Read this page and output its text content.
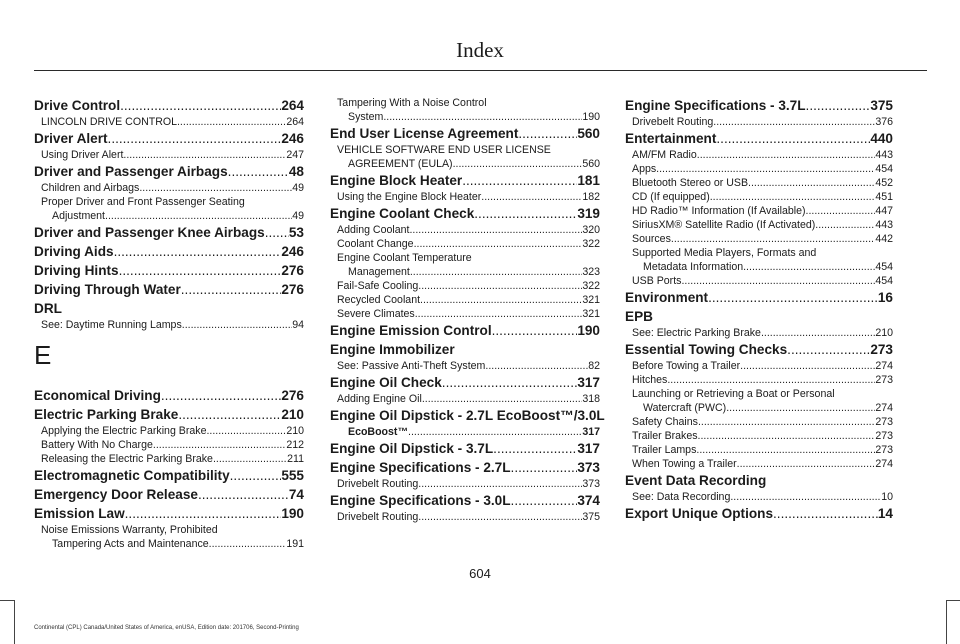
Index
Drive Control .....	264
LINCOLN DRIVE CONTROL .....	264
Driver Alert .....	246
Using Driver Alert .....	247
Driver and Passenger Airbags .....	48
Children and Airbags .....	49
Proper Driver and Front Passenger Seating
Adjustment .....	49
Driver and Passenger Knee Airbags ..... 53
Driving Aids .....	246
Driving Hints .....	276
Driving Through Water .....	276
DRL
See: Daytime Running Lamps .....	94
E
Economical Driving .....	276
Electric Parking Brake .....	210
Applying the Electric Parking Brake .....	210
Battery With No Charge .....	212
Releasing the Electric Parking Brake .....	211
Electromagnetic Compatibility .....	555
Emergency Door Release .....	74
Emission Law .....	190
Noise Emissions Warranty, Prohibited
Tampering Acts and Maintenance .....	191
Tampering With a Noise Control
System .....	190
End User License Agreement .....	560
VEHICLE SOFTWARE END USER LICENSE
AGREEMENT (EULA) .....	560
Engine Block Heater .....	181
Using the Engine Block Heater .....	182
Engine Coolant Check .....	319
Adding Coolant .....	320
Coolant Change .....	322
Engine Coolant Temperature
Management .....	323
Fail-Safe Cooling .....	322
Recycled Coolant .....	321
Severe Climates .....	321
Engine Emission Control .....	190
Engine Immobilizer
See: Passive Anti-Theft System .....	82
Engine Oil Check .....	317
Adding Engine Oil .....	318
Engine Oil Dipstick - 2.7L EcoBoost™/3.0L
EcoBoost™ .....	317
Engine Oil Dipstick - 3.7L .....	317
Engine Specifications - 2.7L .....	373
Drivebelt Routing .....	373
Engine Specifications - 3.0L .....	374
Drivebelt Routing .....	375
Engine Specifications - 3.7L .....	375
Drivebelt Routing .....	376
Entertainment .....	440
AM/FM Radio .....	443
Apps .....	454
Bluetooth Stereo or USB .....	452
CD (If equipped) .....	451
HD Radio™ Information (If Available) .....	447
SiriusXM® Satellite Radio (If Activated) .....	443
Sources .....	442
Supported Media Players, Formats and
Metadata Information .....	454
USB Ports .....	454
Environment .....	16
EPB
See: Electric Parking Brake .....	210
Essential Towing Checks .....	273
Before Towing a Trailer .....	274
Hitches .....	273
Launching or Retrieving a Boat or Personal
Watercraft (PWC) .....	274
Safety Chains .....	273
Trailer Brakes .....	273
Trailer Lamps .....	273
When Towing a Trailer .....	274
Event Data Recording
See: Data Recording .....	10
Export Unique Options .....	14
604
Continental (CPL) Canada/United States of America, enUSA, Edition date: 201706, Second-Printing
